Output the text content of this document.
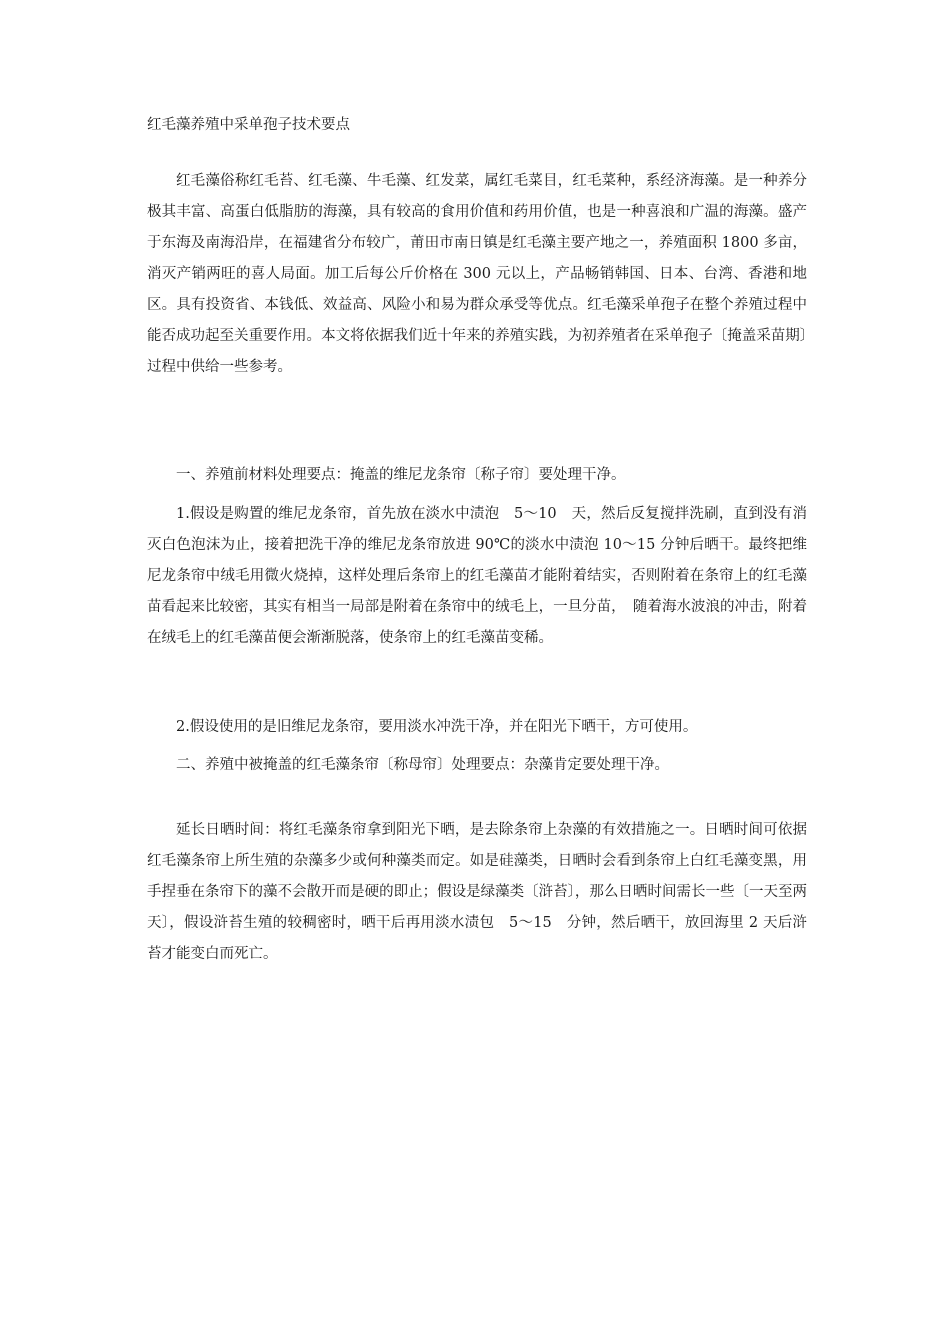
红毛藻养殖中采单孢子技术要点

红毛藻俗称红毛苔、红毛藻、牛毛藻、红发菜，属红毛菜目，红毛菜种，系经济海藻。是一种养分极其丰富、高蛋白低脂肪的海藻，具有较高的食用价值和药用价值，也是一种喜浪和广温的海藻。盛产于东海及南海沿岸，在福建省分布较广，莆田市南日镇是红毛藻主要产地之一，养殖面积 1800 多亩，消灭产销两旺的喜人局面。加工后每公斤价格在 300 元以上，产品畅销韩国、日本、台湾、香港和地区。具有投资省、本钱低、效益高、风险小和易为群众承受等优点。红毛藻采单孢子在整个养殖过程中能否成功起至关重要作用。本文将依据我们近十年来的养殖实践，为初养殖者在采单孢子〔掩盖采苗期〕过程中供给一些参考。

一、养殖前材料处理要点：掩盖的维尼龙条帘〔称子帘〕要处理干净。

1.假设是购置的维尼龙条帘，首先放在淡水中渍泡　5～10　天，然后反复搅拌洗刷，直到没有消灭白色泡沫为止，接着把洗干净的维尼龙条帘放进 90℃的淡水中渍泡 10～15 分钟后晒干。最终把维尼龙条帘中绒毛用微火烧掉，这样处理后条帘上的红毛藻苗才能附着结实，否则附着在条帘上的红毛藻苗看起来比较密，其实有相当一局部是附着在条帘中的绒毛上，一旦分苗，　随着海水波浪的冲击，附着在绒毛上的红毛藻苗便会渐渐脱落，使条帘上的红毛藻苗变稀。

2.假设使用的是旧维尼龙条帘，要用淡水冲洗干净，并在阳光下晒干，方可使用。

二、养殖中被掩盖的红毛藻条帘〔称母帘〕处理要点：杂藻肯定要处理干净。

延长日晒时间：将红毛藻条帘拿到阳光下晒，是去除条帘上杂藻的有效措施之一。日晒时间可依据红毛藻条帘上所生殖的杂藻多少或何种藻类而定。如是硅藻类，日晒时会看到条帘上白红毛藻变黑，用手捏垂在条帘下的藻不会散开而是硬的即止；假设是绿藻类〔浒苔〕，那么日晒时间需长一些〔一天至两天〕，假设浒苔生殖的较稠密时，晒干后再用淡水渍包　5～15　分钟，然后晒干，放回海里 2 天后浒苔才能变白而死亡。
